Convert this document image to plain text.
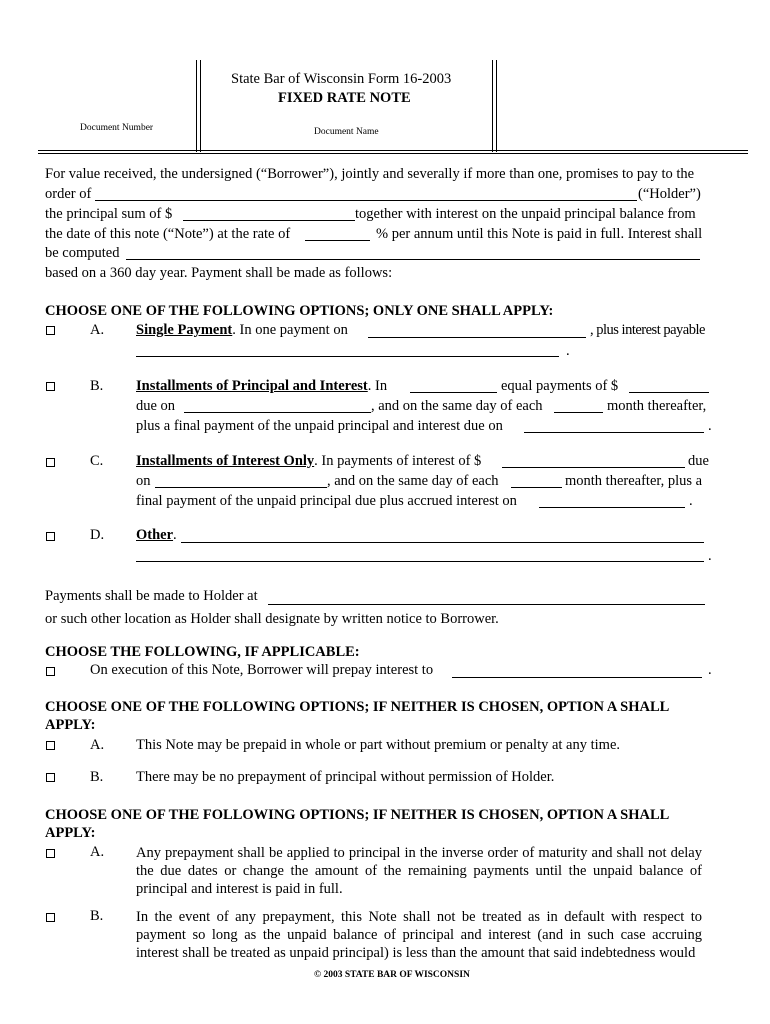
State Bar of Wisconsin Form 16-2003
FIXED RATE NOTE
Document Number	Document Name
For value received, the undersigned (“Borrower”), jointly and severally if more than one, promises to pay to the
order of	(“Holder”)
the principal sum of $	together with interest on the unpaid principal balance from
the date of this note (“Note”) at the rate of	% per annum until this Note is paid in full. Interest shall
be computed
based on a 360 day year. Payment shall be made as follows:
CHOOSE ONE OF THE FOLLOWING OPTIONS; ONLY ONE SHALL APPLY:
A. Single Payment. In one payment on	, plus interest payable
.
B. Installments of Principal and Interest. In	equal payments of $
due on	, and on the same day of each	month thereafter,
plus a final payment of the unpaid principal and interest due on	.
C. Installments of Interest Only. In payments of interest of $	due
on	, and on the same day of each	month thereafter, plus a
final payment of the unpaid principal due plus accrued interest on	.
D. Other.
.
Payments shall be made to Holder at
or such other location as Holder shall designate by written notice to Borrower.
CHOOSE THE FOLLOWING, IF APPLICABLE:
On execution of this Note, Borrower will prepay interest to	.
CHOOSE ONE OF THE FOLLOWING OPTIONS; IF NEITHER IS CHOSEN, OPTION A SHALL
APPLY:
A. This Note may be prepaid in whole or part without premium or penalty at any time.
B. There may be no prepayment of principal without permission of Holder.
CHOOSE ONE OF THE FOLLOWING OPTIONS; IF NEITHER IS CHOSEN, OPTION A SHALL
APPLY:
A. Any prepayment shall be applied to principal in the inverse order of maturity and shall not delay the due dates or change the amount of the remaining payments until the unpaid balance of principal and interest is paid in full.
B. In the event of any prepayment, this Note shall not be treated as in default with respect to payment so long as the unpaid balance of principal and interest (and in such case accruing interest shall be treated as unpaid principal) is less than the amount that said indebtedness would
© 2003 STATE BAR OF WISCONSIN
